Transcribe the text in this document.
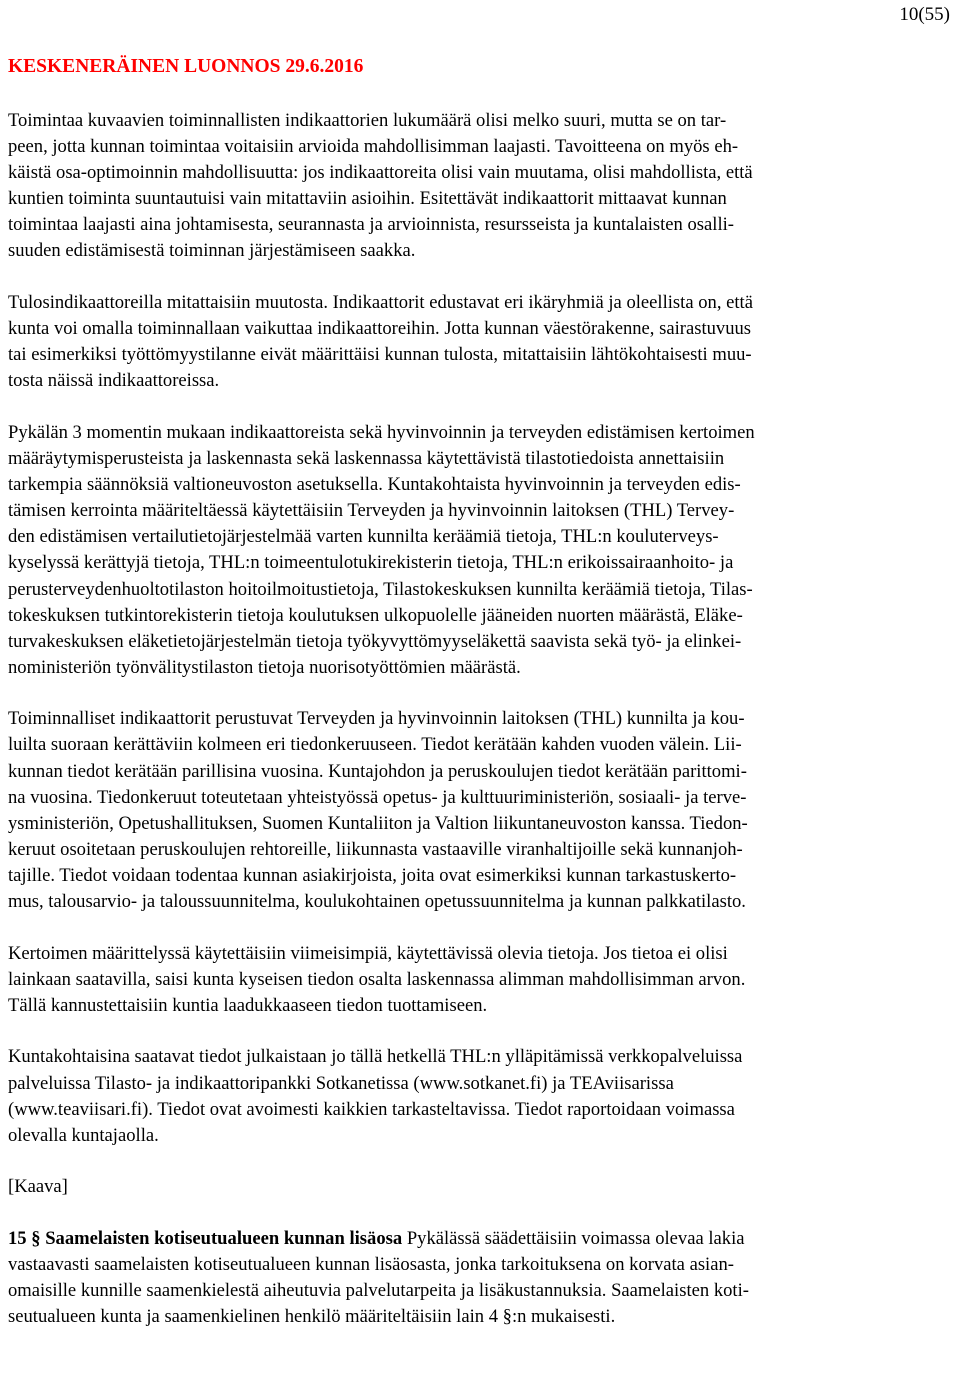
10(55)
KESKENERÄINEN LUONNOS 29.6.2016

Toimintaa kuvaavien toiminnallisten indikaattorien lukumäärä olisi melko suuri, mutta se on tar-
peen, jotta kunnan toimintaa voitaisiin arvioida mahdollisimman laajasti. Tavoitteena on myös eh-
käistä osa-optimoinnin mahdollisuutta: jos indikaattoreita olisi vain muutama, olisi mahdollista, että
kuntien toiminta suuntautuisi vain mitattaviin asioihin. Esitettävät indikaattorit mittaavat kunnan
toimintaa laajasti aina johtamisesta, seurannasta ja arvioinnista, resursseista ja kuntalaisten osalli-
suuden edistämisestä toiminnan järjestämiseen saakka.

Tulosindikaattoreilla mitattaisiin muutosta. Indikaattorit edustavat eri ikäryhmiä ja oleellista on, että
kunta voi omalla toiminnallaan vaikuttaa indikaattoreihin. Jotta kunnan väestörakenne, sairastuvuus
tai esimerkiksi työttömyystilanne eivät määrittäisi kunnan tulosta, mitattaisiin lähtökohtaisesti muu-
tosta näissä indikaattoreissa.

Pykälän 3 momentin mukaan indikaattoreista sekä hyvinvoinnin ja terveyden edistämisen kertoimen
määräytymisperusteista ja laskennasta sekä laskennassa käytettävistä tilastotiedoista annettaisiin
tarkempia säännöksiä valtioneuvoston asetuksella. Kuntakohtaista hyvinvoinnin ja terveyden edis-
tämisen kerrointa määriteltäessä käytettäisiin Terveyden ja hyvinvoinnin laitoksen (THL) Tervey-
den edistämisen vertailutietojärjestelmää varten kunnilta keräämiä tietoja, THL:n kouluterveys-
kyselyssä kerättyjä tietoja, THL:n toimeentulotukirekisterin tietoja, THL:n erikoissairaanhoito- ja
perusterveydenhuoltotilaston hoitoilmoitustietoja, Tilastokeskuksen kunnilta keräämiä tietoja, Tilas-
tokeskuksen tutkintorekisterin tietoja koulutuksen ulkopuolelle jääneiden nuorten määrästä, Eläke-
turvakeskuksen eläketietojärjestelmän tietoja työkyvyttömyyseläkettä saavista sekä työ- ja elinkei-
nоministeriön työnvälitystilaston tietoja nuorisotyöttömien määrästä.

Toiminnalliset indikaattorit perustuvat Terveyden ja hyvinvoinnin laitoksen (THL) kunnilta ja kou-
luilta suoraan kerättäviin kolmeen eri tiedonkeruuseen. Tiedot kerätään kahden vuoden välein. Lii-
kunnan tiedot kerätään parillisina vuosina. Kuntajohdon ja peruskoulujen tiedot kerätään parittomi-
na vuosina. Tiedonkeruut toteutetaan yhteistyössä opetus- ja kulttuuriministeriön, sosiaali- ja terve-
ysministeriön, Opetushallituksen, Suomen Kuntaliiton ja Valtion liikuntaneuvoston kanssa. Tiedon-
keruut osoitetaan peruskoulujen rehtoreille, liikunnasta vastaaville viranhaltijoille sekä kunnanjoh-
tajille. Tiedot voidaan todentaa kunnan asiakirjoista, joita ovat esimerkiksi kunnan tarkastuskerto-
mus, talousarvio- ja taloussuunnitelma, koulukohtainen opetussuunnitelma ja kunnan palkkatilasto.

Kertoimen määrittelyssä käytettäisiin viimeisimpiä, käytettävissä olevia tietoja. Jos tietoa ei olisi
lainkaan saatavilla, saisi kunta kyseisen tiedon osalta laskennassa alimman mahdollisimman arvon.
Tällä kannustettaisiin kuntia laadukkaaseen tiedon tuottamiseen.

Kuntakohtaisina saatavat tiedot julkaistaan jo tällä hetkellä THL:n ylläpitämissä verkkopalveluissa
palveluissa Tilasto- ja indikaattoripankki Sotkanetissa (www.sotkanet.fi) ja TEAviisarissa
(www.teaviisari.fi). Tiedot ovat avoimesti kaikkien tarkasteltavissa. Tiedot raportoidaan voimassa
olevalla kuntajaolla.

[Kaava]

15 § Saamelaisten kotiseutualueen kunnan lisäosa Pykälässä säädettäisiin voimassa olevaa lakia
vastaavasti saamelaisten kotiseutualueen kunnan lisäosasta, jonka tarkoituksena on korvata asian-
omaisille kunnille saamenkielestä aiheutuvia palvelutarpeita ja lisäkustannuksia. Saamelaisten koti-
seutualueen kunta ja saamenkielinen henkilö määriteltäisiin lain 4 §:n mukaisesti.
